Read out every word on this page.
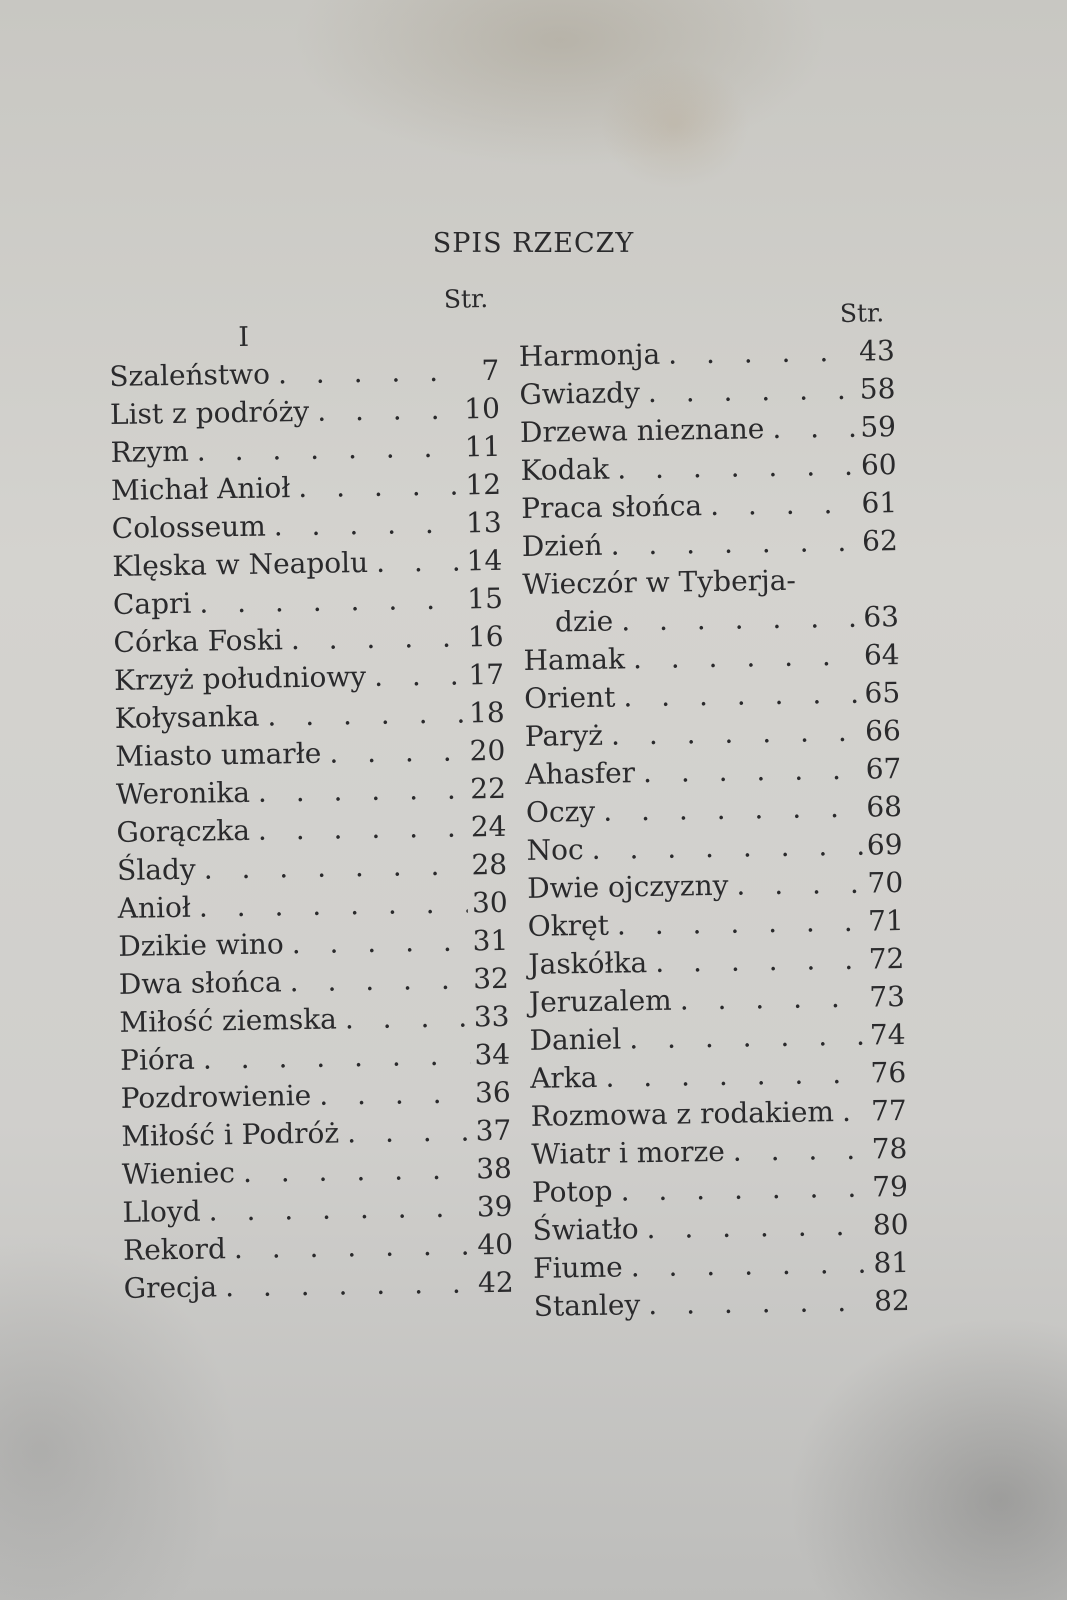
SPIS RZECZY
Str.
I
Szaleństwo . . .	7
List z podróży . . .	10
Rzym . . .	11
Michał Anioł . . .	12
Colosseum . . .	13
Klęska w Neapolu . . .	14
Capri . . .	15
Córka Foski . . .	16
Krzyż południowy . . .	17
Kołysanka . . .	18
Miasto umarłe . . .	20
Weronika . . .	22
Gorączka . . .	24
Ślady . . .	28
Anioł . . .	30
Dzikie wino . . .	31
Dwa słońca . . .	32
Miłość ziemska . . .	33
Pióra . . .	34
Pozdrowienie . . .	36
Miłość i Podróż . . .	37
Wieniec . . .	38
Lloyd . . .	39
Rekord . . .	40
Grecja . . .	42
Str.
Harmonja . . .	43
Gwiazdy . . .	58
Drzewa nieznane . . .	59
Kodak . . .	60
Praca słońca . . .	61
Dzień . . .	62
Wieczór w Tyberja-
dzie . . .	63
Hamak . . .	64
Orient . . .	65
Paryż . . .	66
Ahasfer . . .	67
Oczy . . .	68
Noc . . .	69
Dwie ojczyzny . . .	70
Okręt . . .	71
Jaskółka . . .	72
Jeruzalem . . .	73
Daniel . . .	74
Arka . . .	76
Rozmowa z rodakiem . . . 77
Wiatr i morze . . .	78
Potop . . .	79
Światło . . .	80
Fiume . . .	81
Stanley . . .	82
